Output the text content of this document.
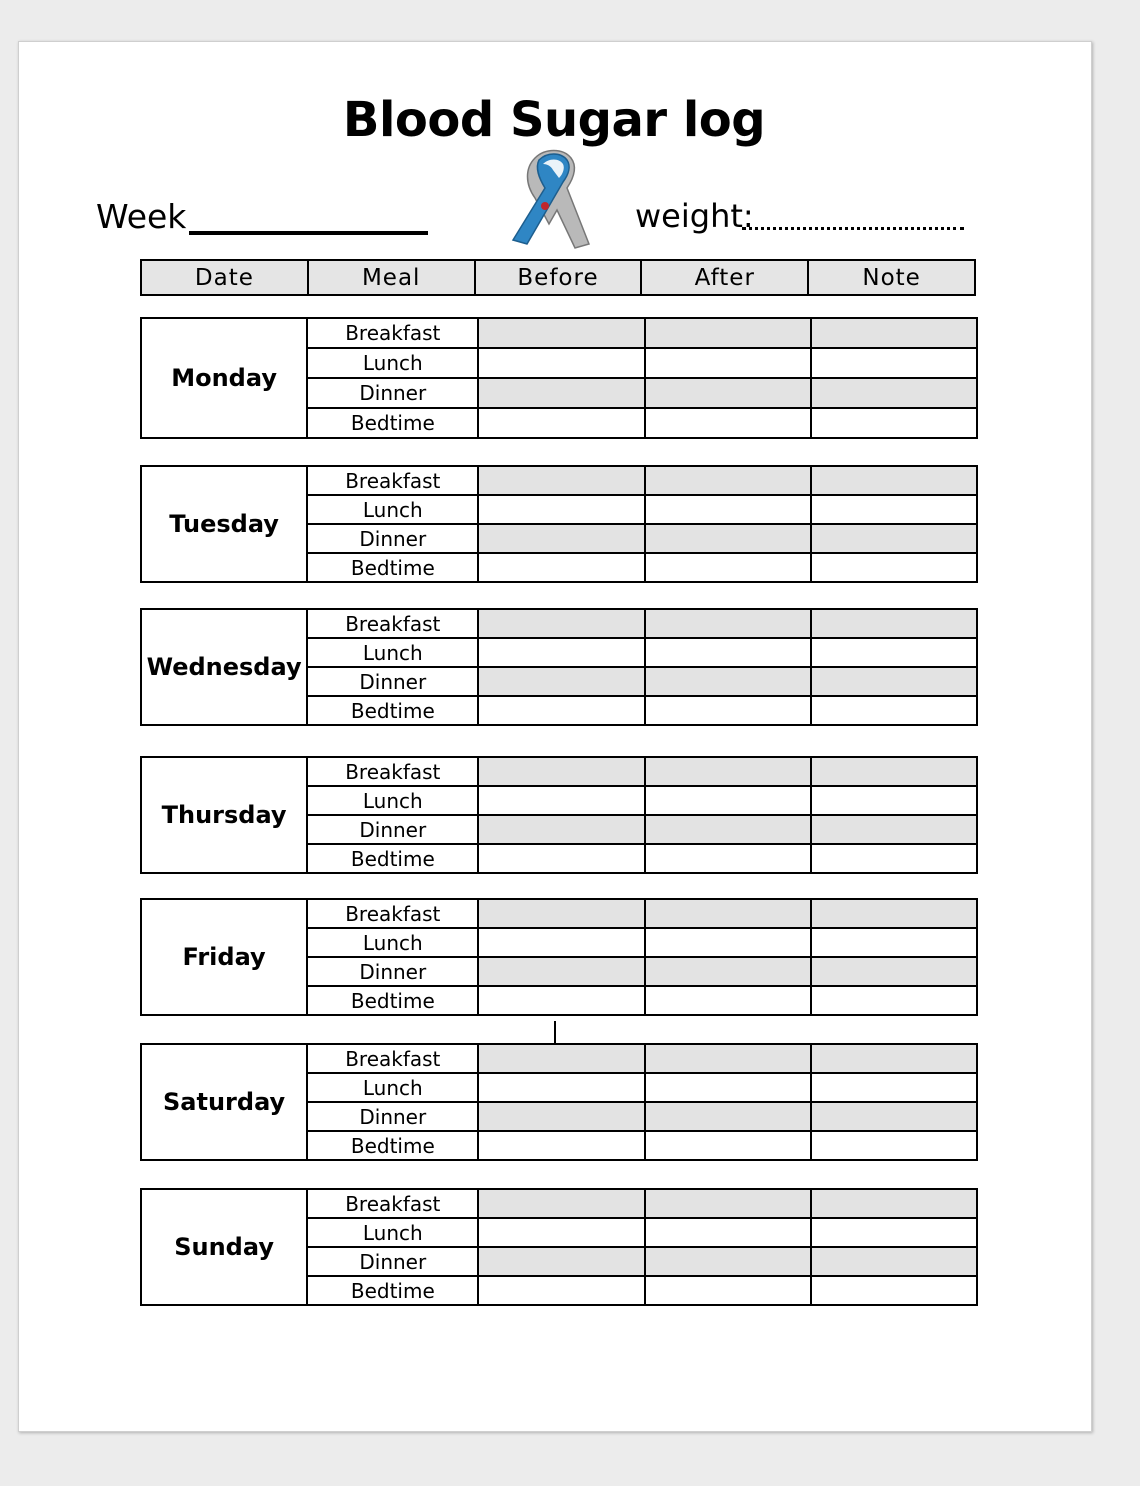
Blood Sugar log
Week	weight:
Date	Meal	Before	After	Note
Monday	Breakfast			
	Lunch			
	Dinner			
	Bedtime			
Tuesday	Breakfast			
	Lunch			
	Dinner			
	Bedtime			
Wednesday	Breakfast			
	Lunch			
	Dinner			
	Bedtime			
Thursday	Breakfast			
	Lunch			
	Dinner			
	Bedtime			
Friday	Breakfast			
	Lunch			
	Dinner			
	Bedtime			
Saturday	Breakfast			
	Lunch			
	Dinner			
	Bedtime			
Sunday	Breakfast			
	Lunch			
	Dinner			
	Bedtime			
